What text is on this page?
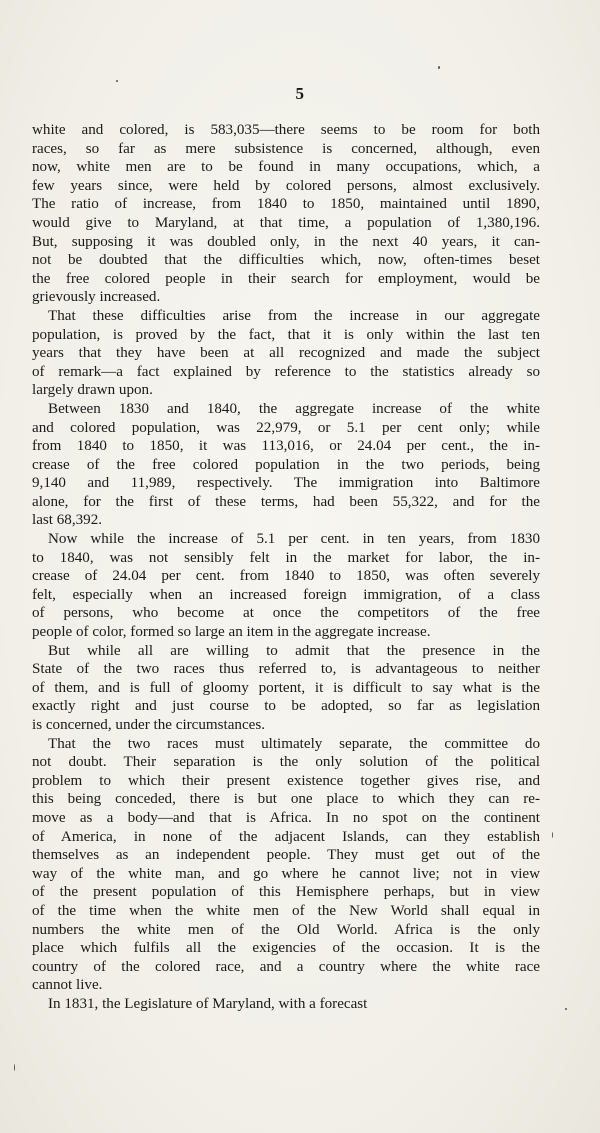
5
white and colored, is 583,035—there seems to be room for both
races, so far as mere subsistence is concerned, although, even
now, white men are to be found in many occupations, which, a
few years since, were held by colored persons, almost exclusively.
The ratio of increase, from 1840 to 1850, maintained until 1890,
would give to Maryland, at that time, a population of 1,380,196.
But, supposing it was doubled only, in the next 40 years, it can-
not be doubted that the difficulties which, now, often-times beset
the free colored people in their search for employment, would be
grievously increased.
That these difficulties arise from the increase in our aggregate
population, is proved by the fact, that it is only within the last ten
years that they have been at all recognized and made the subject
of remark—a fact explained by reference to the statistics already so
largely drawn upon.
Between 1830 and 1840, the aggregate increase of the white
and colored population, was 22,979, or 5.1 per cent only; while
from 1840 to 1850, it was 113,016, or 24.04 per cent., the in-
crease of the free colored population in the two periods, being
9,140 and 11,989, respectively. The immigration into Baltimore
alone, for the first of these terms, had been 55,322, and for the
last 68,392.
Now while the increase of 5.1 per cent. in ten years, from 1830
to 1840, was not sensibly felt in the market for labor, the in-
crease of 24.04 per cent. from 1840 to 1850, was often severely
felt, especially when an increased foreign immigration, of a class
of persons, who become at once the competitors of the free
people of color, formed so large an item in the aggregate increase.
But while all are willing to admit that the presence in the
State of the two races thus referred to, is advantageous to neither
of them, and is full of gloomy portent, it is difficult to say what is the
exactly right and just course to be adopted, so far as legislation
is concerned, under the circumstances.
That the two races must ultimately separate, the committee do
not doubt. Their separation is the only solution of the political
problem to which their present existence together gives rise, and
this being conceded, there is but one place to which they can re-
move as a body—and that is Africa. In no spot on the continent
of America, in none of the adjacent Islands, can they establish
themselves as an independent people. They must get out of the
way of the white man, and go where he cannot live; not in view
of the present population of this Hemisphere perhaps, but in view
of the time when the white men of the New World shall equal in
numbers the white men of the Old World. Africa is the only
place which fulfils all the exigencies of the occasion. It is the
country of the colored race, and a country where the white race
cannot live.
In 1831, the Legislature of Maryland, with a forecast
